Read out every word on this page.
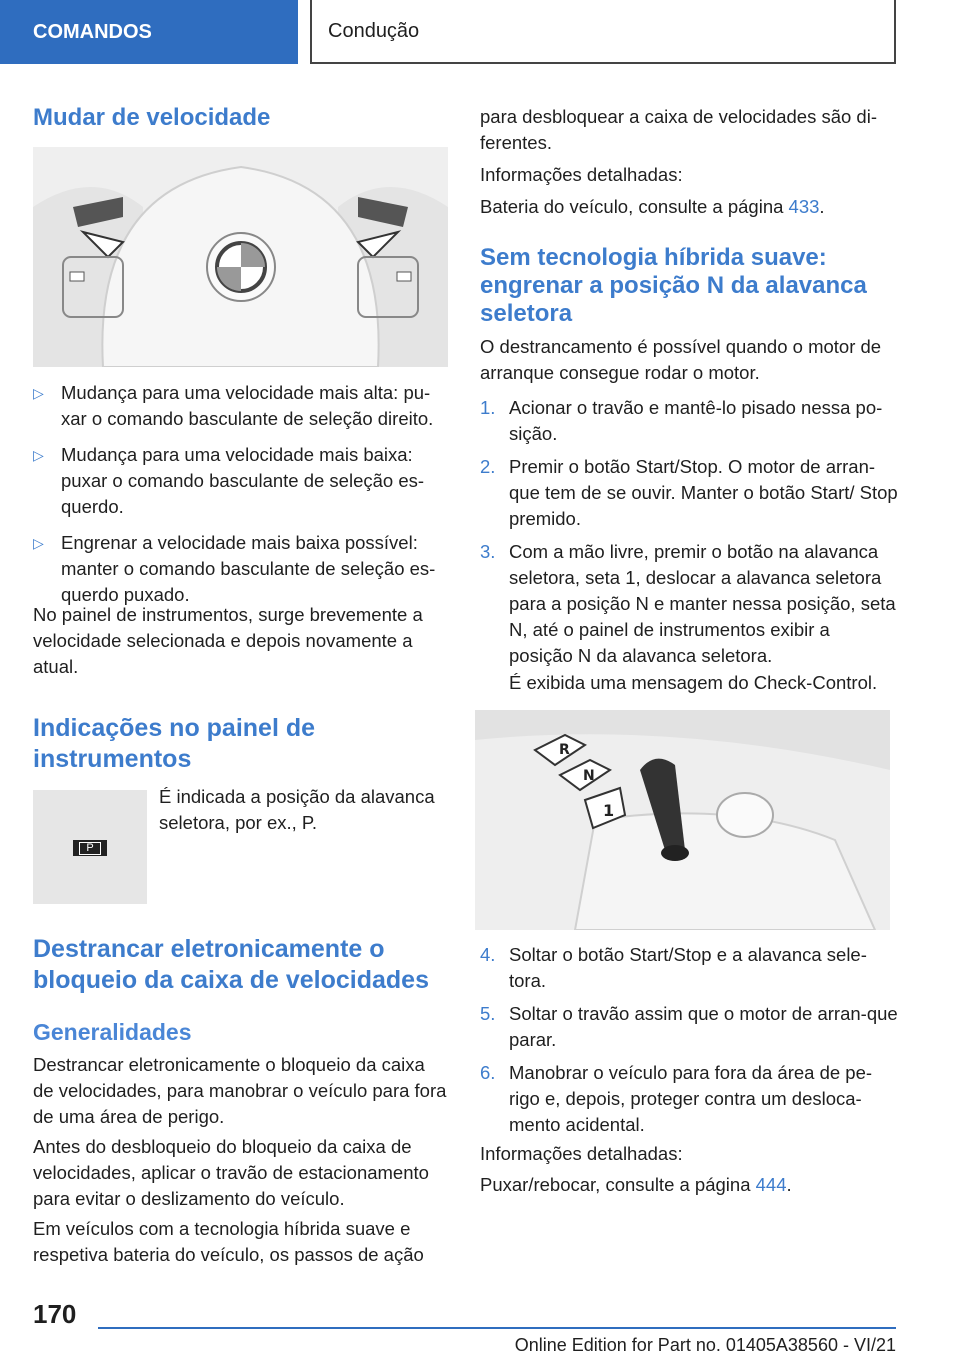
COMANDOS	Condução
Mudar de velocidade
▷ Mudança para uma velocidade mais alta: pu-xar o comando basculante de seleção direito.
▷ Mudança para uma velocidade mais baixa: puxar o comando basculante de seleção es-querdo.
▷ Engrenar a velocidade mais baixa possível: manter o comando basculante de seleção es-querdo puxado.

No painel de instrumentos, surge brevemente a velocidade selecionada e depois novamente a atual.

Indicações no painel de instrumentos
P

É indicada a posição da alavanca seletora, por ex., P.

Destrancar eletronicamente o bloqueio da caixa de velocidades
Generalidades

Destrancar eletronicamente o bloqueio da caixa de velocidades, para manobrar o veículo para fora de uma área de perigo.

Antes do desbloqueio do bloqueio da caixa de velocidades, aplicar o travão de estacionamento para evitar o deslizamento do veículo.

Em veículos com a tecnologia híbrida suave e respetiva bateria do veículo, os passos de ação

para desbloquear a caixa de velocidades são di-ferentes.

Informações detalhadas:

Bateria do veículo, consulte a página 433.

Sem tecnologia híbrida suave: engrenar a posição N da alavanca seletora

O destrancamento é possível quando o motor de arranque consegue rodar o motor.

1. Acionar o travão e mantê-lo pisado nessa po-sição.
2. Premir o botão Start/Stop. O motor de arran-que tem de se ouvir. Manter o botão Start/ Stop premido.
3. Com a mão livre, premir o botão na alavanca seletora, seta 1, deslocar a alavanca seletora para a posição N e manter nessa posição, seta N, até o painel de instrumentos exibir a posição N da alavanca seletora.

É exibida uma mensagem do Check-Control.

R
N
1
4. Soltar o botão Start/Stop e a alavanca sele-tora.
5. Soltar o travão assim que o motor de arran-que parar.
6. Manobrar o veículo para fora da área de pe-rigo e, depois, proteger contra um desloca-mento acidental.

Informações detalhadas:

Puxar/rebocar, consulte a página 444.

170
Online Edition for Part no. 01405A38560 - VI/21
